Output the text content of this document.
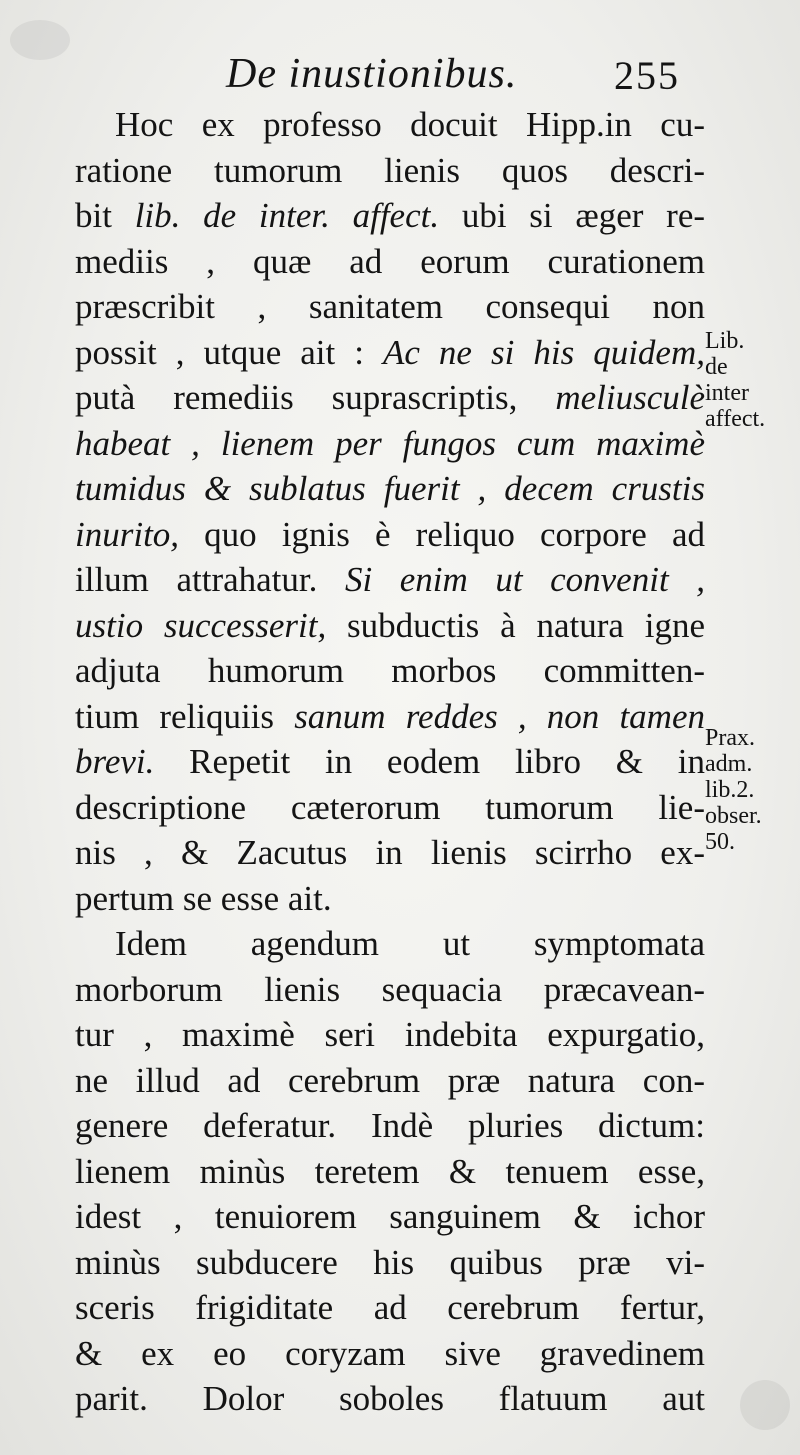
De inustionibus. 255
Hoc ex professo docuit Hipp.in cu-
ratione tumorum lienis quos descri-
bit lib. de inter. affect. ubi si æger re-
mediis , quæ ad eorum curationem
præscribit , sanitatem consequi non
possit , utque ait : Ac ne si his quidem,
putà remediis suprascriptis, meliusculè
habeat , lienem per fungos cum maximè
tumidus & sublatus fuerit , decem crustis
inurito, quo ignis è reliquo corpore ad
illum attrahatur. Si enim ut convenit ,
ustio successerit, subductis à natura igne
adjuta humorum morbos committen-
tium reliquiis sanum reddes , non tamen
brevi. Repetit in eodem libro & in
descriptione cæterorum tumorum lie-
nis , & Zacutus in lienis scirrho ex-
pertum se esse ait.
Idem agendum ut symptomata
morborum lienis sequacia præcavean-
tur , maximè seri indebita expurgatio,
ne illud ad cerebrum præ natura con-
genere deferatur. Indè pluries dictum:
lienem minùs teretem & tenuem esse,
idest , tenuiorem sanguinem & ichor
minùs subducere his quibus præ vi-
sceris frigiditate ad cerebrum fertur,
& ex eo coryzam sive gravedinem
parit. Dolor soboles flatuum aut
Lib.
de
inter
affect.
Prax.
adm.
lib.2.
obser.
50.
